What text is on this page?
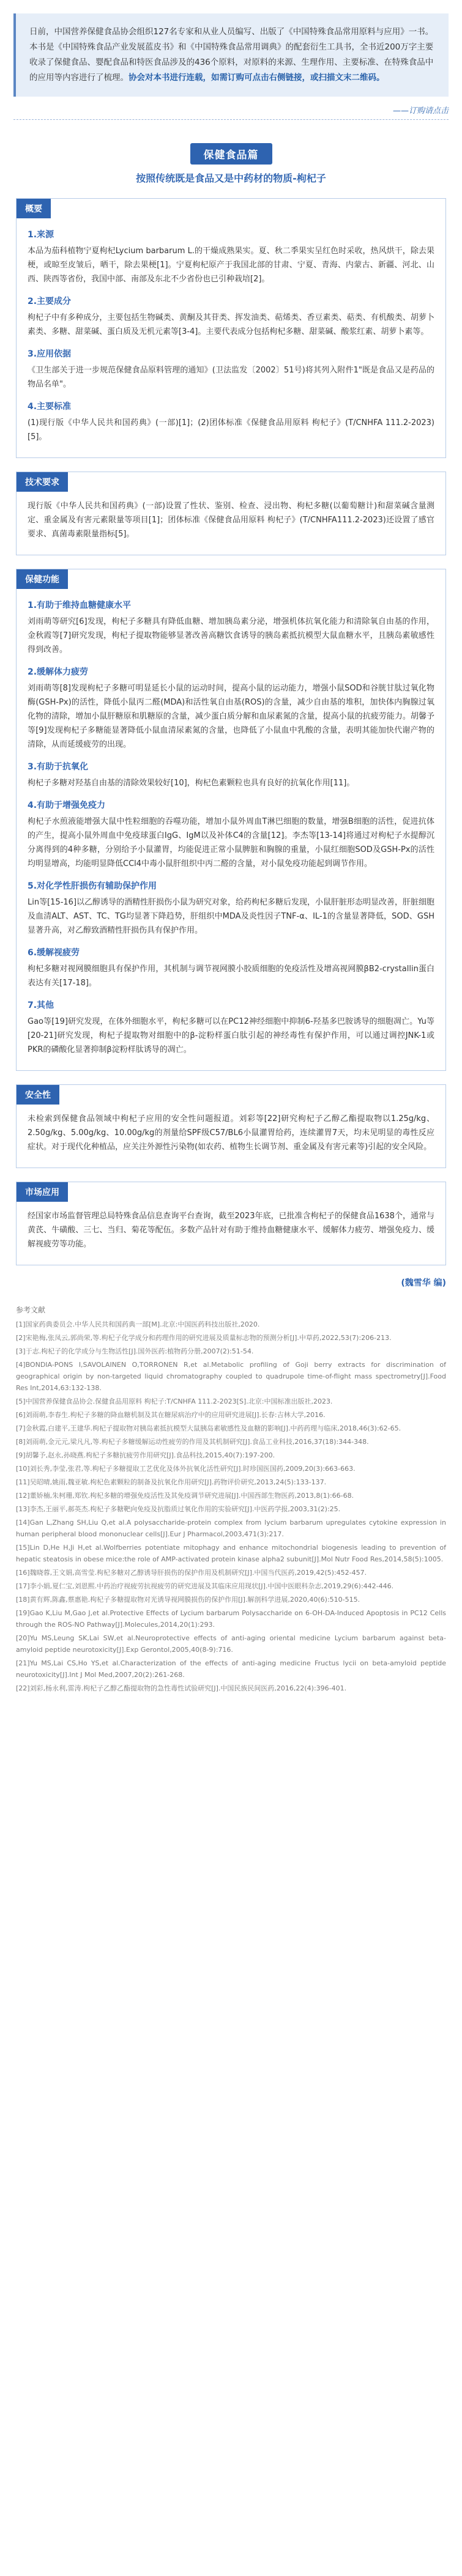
日前，中国营养保健食品协会组织127名专家和从业人员编写、出版了《中国特殊食品常用原料与应用》一书。本书是《中国特殊食品产业发展蓝皮书》和《中国特殊食品常用调典》的配套衍生工具书，全书近200万字主要收录了保健食品、婴配食品和特医食品涉及的436个原料，对原料的来源、生理作用、主要标准、在特殊食品中的应用等内容进行了梳理。协会对本书进行连载，如需订购可点击右侧链接，或扫描文末二维码。
——订购请点击
保健食品篇
按照传统既是食品又是中药材的物质-枸杞子
概要
1.来源

本品为茄科植物宁夏枸杞Lycium barbarum L.的干燥成熟果实。夏、秋二季果实呈红色时采收，热风烘干，除去果梗，或晾至皮皱后，晒干，除去果梗[1]。宁夏枸杞原产于我国北部的甘肃、宁夏、青海、内蒙古、新疆、河北、山西、陕西等省份，我国中部、南部及东北不少省份也已引种栽培[2]。

2.主要成分

枸杞子中有多种成分，主要包括生物碱类、黄酮及其苷类、挥发油类、萜烯类、香豆素类、萜类、有机酸类、胡萝卜素类、多糖、甜菜碱、蛋白质及无机元素等[3-4]。主要代表成分包括枸杞多糖、甜菜碱、酸浆红素、胡萝卜素等。

3.应用依据

《卫生部关于进一步规范保健食品原料管理的通知》(卫法监发〔2002〕51号)将其列入附件1"既是食品又是药品的物品名单"。

4.主要标准

(1)现行版《中华人民共和国药典》(一部)[1]；(2)团体标准《保健食品用原料 枸杞子》(T/CNHFA 111.2-2023)[5]。

技术要求

现行版《中华人民共和国药典》(一部)设置了性状、鉴别、检查、浸出物、枸杞多糖(以葡萄糖计)和甜菜碱含量测定、重金属及有害元素限量等项目[1]；团体标准《保健食品用原料 枸杞子》(T/CNHFA111.2-2023)还设置了感官要求、真菌毒素限量指标[5]。

保健功能
1.有助于维持血糖健康水平

刘雨萌等研究[6]发现，枸杞子多糖具有降低血糖、增加胰岛素分泌，增强机体抗氧化能力和清除氧自由基的作用，金秋霞等[7]研究发现，枸杞子提取物能够显著改善高糖饮食诱导的胰岛素抵抗模型大鼠血糖水平，且胰岛素敏感性得到改善。

2.缓解体力疲劳

刘雨萌等[8]发现枸杞子多糖可明显延长小鼠的运动时间，提高小鼠的运动能力，增强小鼠SOD和谷胱甘肽过氧化物酶(GSH-Px)的活性，降低小鼠丙二醛(MDA)和活性氧自由基(ROS)的含量，减少自由基的堆积，加快体内胸腺过氧化物的清除，增加小鼠肝糖原和肌糖原的含量，减少蛋白质分解和血尿素氮的含量，提高小鼠的抗疲劳能力。胡馨予等[9]发现枸杞子多糖能显著降低小鼠血清尿素氮的含量，也降低了小鼠血中乳酸的含量，表明其能加快代谢产物的清除，从而延缓疲劳的出现。

3.有助于抗氧化

枸杞子多糖对羟基自由基的清除效果较好[10]，枸杞色素颗粒也具有良好的抗氧化作用[11]。

4.有助于增强免疫力

枸杞子水煎液能增强大鼠中性粒细胞的吞噬功能，增加小鼠外周血T淋巴细胞的数量，增强B细胞的活性，促进抗体的产生，提高小鼠外周血中免疫球蛋白IgG、IgM以及补体C4的含量[12]。李杰等[13-14]将通过对枸杞子水提醇沉分离得到的4种多糖，分别给予小鼠灌胃，均能促进正常小鼠脾脏和胸腺的重量，小鼠红细胞SOD及GSH-Px的活性均明显增高，均能明显降低CCl4中毒小鼠肝组织中丙二醛的含量，对小鼠免疫功能起到调节作用。

5.对化学性肝损伤有辅助保护作用

Lin等[15-16]以乙醇诱导的酒精性肝损伤小鼠为研究对象，给药枸杞多糖后发现，小鼠肝脏形态明显改善，肝脏细胞及血清ALT、AST、TC、TG均显著下降趋势，肝组织中MDA及炎性因子TNF-α、IL-1的含量显著降低，SOD、GSH显著升高，对乙醇致酒精性肝损伤具有保护作用。

6.缓解视疲劳

枸杞多糖对视网膜细胞具有保护作用，其机制与调节视网膜小胶质细胞的免疫活性及增高视网膜βB2-crystallin蛋白表达有关[17-18]。

7.其他

Gao等[19]研究发现，在体外细胞水平，枸杞多糖可以在PC12神经细胞中抑制6-羟基多巴胺诱导的细胞凋亡。Yu等[20-21]研究发现，枸杞子提取物对细胞中的β-淀粉样蛋白肽引起的神经毒性有保护作用，可以通过调控JNK-1或PKR的磷酸化显著抑制β淀粉样肽诱导的凋亡。

安全性

未检索到保健食品领域中枸杞子应用的安全性问题报道。刘彩等[22]研究枸杞子乙醇乙酯提取物以1.25g/kg、2.50g/kg、5.00g/kg、10.00g/kg的剂量给SPF级C57/BL6小鼠灌胃给药，连续灌胃7天，均未见明显的毒性反应症状。对于现代化种植品，应关注外源性污染物(如农药、植物生长调节剂、重金属及有害元素等)引起的安全风险。

市场应用

经国家市场监督管理总局特殊食品信息查询平台查询，截至2023年底，已批准含枸杞子的保健食品1638个，通常与黄芪、牛磺酸、三七、当归、菊花等配伍。多数产品针对有助于维持血糖健康水平、缓解体力疲劳、增强免疫力、缓解视疲劳等功能。

(魏雪华 编)
参考文献
[1]国家药典委员会.中华人民共和国药典一部[M].北京:中国医药科技出版社,2020.
[2]宋艳梅,张凤云,郭尚荣,等.枸杞子化学成分和药理作用的研究进展及质量标志物的预测分析[J].中草药,2022,53(7):206-213.
[3]于志.枸杞子的化学成分与生物活性[J].国外医药:植物药分册,2007(2):51-54.
[4]BONDIA-PONS I,SAVOLAINEN O,TORRONEN R,et al.Metabolic profiling of Goji berry extracts for discrimination of geographical origin by non-targeted liquid chromatography coupled to quadrupole time-of-flight mass spectrometry[J].Food Res Int,2014,63:132-138.
[5]中国营养保健食品协会.保健食品用原料 枸杞子:T/CNHFA 111.2-2023[S].北京:中国标准出版社,2023.
[6]刘雨萌,李春生.枸杞子多糖的降血糖机制及其在糖尿病治疗中的应用研究进展[J].长春:吉林大学,2016.
[7]金秋霞,白建平,王建华.枸杞子提取物对胰岛素抵抗模型大鼠胰岛素敏感性及血糖的影响[J].中药药理与临床,2018,46(3):62-65.
[8]刘雨萌,金元元,梁凡凡,等.枸杞子多糖缓解运动性疲劳的作用及其机制研究[J].食品工业科技,2016,37(18):344-348.
[9]胡馨予,赵永,孙晓燕.枸杞子多糖抗疲劳作用研究[J].食品科技,2015,40(7):197-200.
[10]刘长秀,李莹,张君,等.枸杞子多糖提取工艺优化及体外抗氧化活性研究[J].时珍国医国药,2009,20(3):663-663.
[11]吴昭晴,姚雨,魏亚敏.枸杞色素颗粒的制备及抗氧化作用研究[J].药物评价研究,2013,24(5):133-137.
[12]董娇楠,朱柯珊,郑钦.枸杞多糖的增强免疫活性及其免疫调节研究进展[J].中国西部生物医药,2013,8(1):66-68.
[13]李杰,王丽平,郝英杰.枸杞子多糖靶向免疫及抗脂质过氧化作用的实验研究[J].中医药学报,2003,31(2):25.
[14]Gan L,Zhang SH,Liu Q,et al.A polysaccharide-protein complex from lycium barbarum upregulates cytokine expression in human peripheral blood mononuclear cells[J].Eur J Pharmacol,2003,471(3):217.
[15]Lin D,He H,Ji H,et al.Wolfberries potentiate mitophagy and enhance mitochondrial biogenesis leading to prevention of hepatic steatosis in obese mice:the role of AMP-activated protein kinase alpha2 subunit[J].Mol Nutr Food Res,2014,58(5):1005.
[16]魏晓蓉,王文娟,高雪莹.枸杞多糖对乙醇诱导肝损伤的保护作用及机制研究[J].中国当代医药,2019,42(5):452-457.
[17]李小娟,夏仁宝,刘恩熙.中药治疗视疲劳抗视疲劳的研究进展及其临床应用现状[J].中国中医眼科杂志,2019,29(6):442-446.
[18]黄有辉,陈鑫,蔡惠艳.枸杞子多糖提取物对光诱导视网膜损伤的保护作用[J].解剖科学进展,2020,40(6):510-515.
[19]Gao K,Liu M,Gao J,et al.Protective Effects of Lycium barbarum Polysaccharide on 6-OH-DA-Induced Apoptosis in PC12 Cells through the ROS-NO Pathway[J].Molecules,2014,20(1):293.
[20]Yu MS,Leung SK,Lai SW,et al.Neuroprotective effects of anti-aging oriental medicine Lycium barbarum against beta-amyloid peptide neurotoxicity[J].Exp Gerontol,2005,40(8-9):716.
[21]Yu MS,Lai CS,Ho YS,et al.Characterization of the effects of anti-aging medicine Fructus lycii on beta-amyloid peptide neurotoxicity[J].Int J Mol Med,2007,20(2):261-268.
[22]刘彩,杨永利,雷涛.枸杞子乙醇乙酯提取物的急性毒性试验研究[J].中国民族民间医药,2016,22(4):396-401.
